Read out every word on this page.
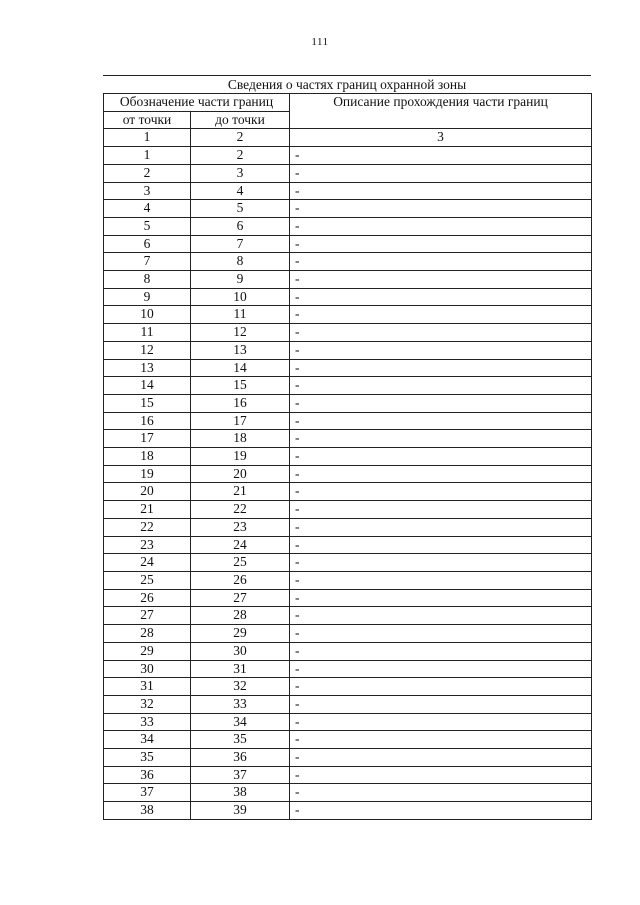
111
Сведения о частях границ охранной зоны
Обозначение части границ		Описание прохождения части границ
от точки	до точки	
1	2	3
1	2	-
2	3	-
3	4	-
4	5	-
5	6	-
6	7	-
7	8	-
8	9	-
9	10	-
10	11	-
11	12	-
12	13	-
13	14	-
14	15	-
15	16	-
16	17	-
17	18	-
18	19	-
19	20	-
20	21	-
21	22	-
22	23	-
23	24	-
24	25	-
25	26	-
26	27	-
27	28	-
28	29	-
29	30	-
30	31	-
31	32	-
32	33	-
33	34	-
34	35	-
35	36	-
36	37	-
37	38	-
38	39	-
